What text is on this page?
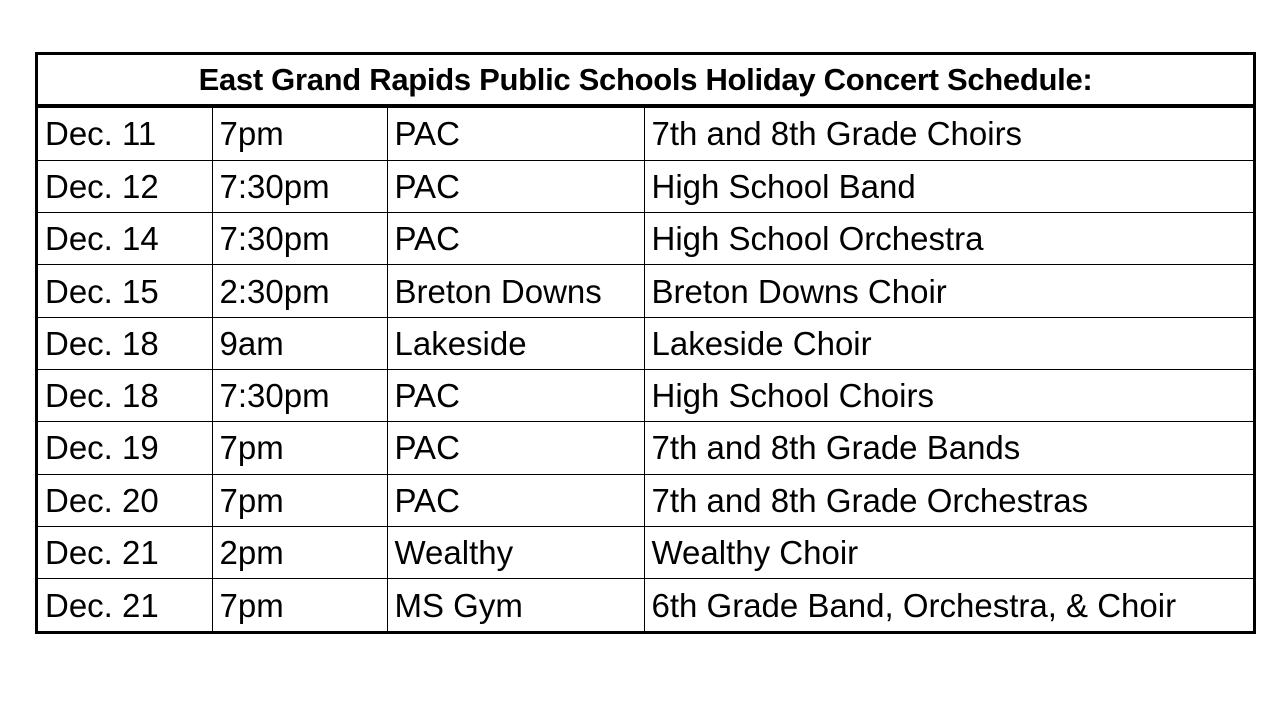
East Grand Rapids Public Schools Holiday Concert Schedule:
Dec. 11	7pm	PAC	7th and 8th Grade Choirs
Dec. 12	7:30pm	PAC	High School Band
Dec. 14	7:30pm	PAC	High School Orchestra
Dec. 15	2:30pm	Breton Downs	Breton Downs Choir
Dec. 18	9am	Lakeside	Lakeside Choir
Dec. 18	7:30pm	PAC	High School Choirs
Dec. 19	7pm	PAC	7th and 8th Grade Bands
Dec. 20	7pm	PAC	7th and 8th Grade Orchestras
Dec. 21	2pm	Wealthy	Wealthy Choir
Dec. 21	7pm	MS Gym	6th Grade Band, Orchestra, & Choir
